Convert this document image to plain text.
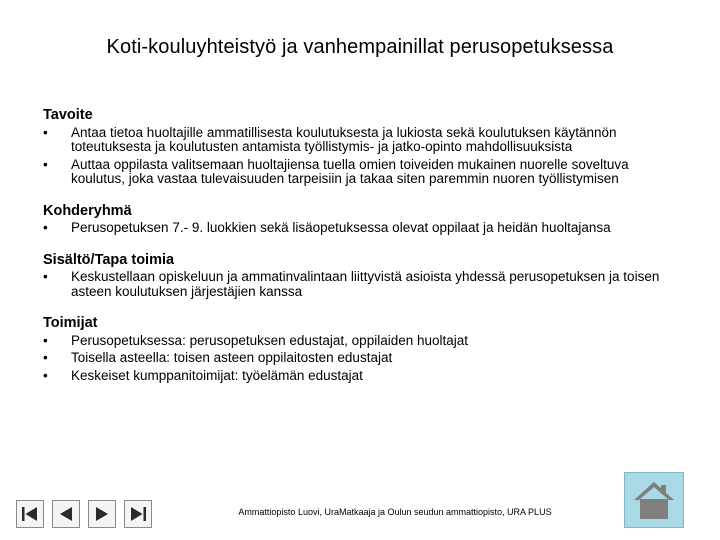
Koti-kouluyhteistyö ja vanhempainillat perusopetuksessa
Tavoite
• Antaa tietoa huoltajille ammatillisesta koulutuksesta ja lukiosta sekä koulutuksen käytännön toteutuksesta ja koulutusten antamista työllistymis- ja jatko-opinto mahdollisuuksista
• Auttaa oppilasta valitsemaan huoltajiensa tuella omien toiveiden mukainen nuorelle soveltuva koulutus, joka vastaa tulevaisuuden tarpeisiin ja takaa siten paremmin nuoren työllistymisen
Kohderyhmä
• Perusopetuksen 7.- 9. luokkien sekä lisäopetuksessa olevat oppilaat ja heidän huoltajansa
Sisältö/Tapa toimia
• Keskustellaan opiskeluun ja ammatinvalintaan liittyvistä asioista yhdessä perusopetuksen ja toisen asteen koulutuksen järjestäjien kanssa
Toimijat
• Perusopetuksessa: perusopetuksen edustajat, oppilaiden huoltajat
• Toisella asteella: toisen asteen oppilaitosten edustajat
• Keskeiset kumppanitoimijat: työelämän edustajat
Ammattiopisto Luovi, UraMatkaaja ja Oulun seudun ammattiopisto, URA PLUS
